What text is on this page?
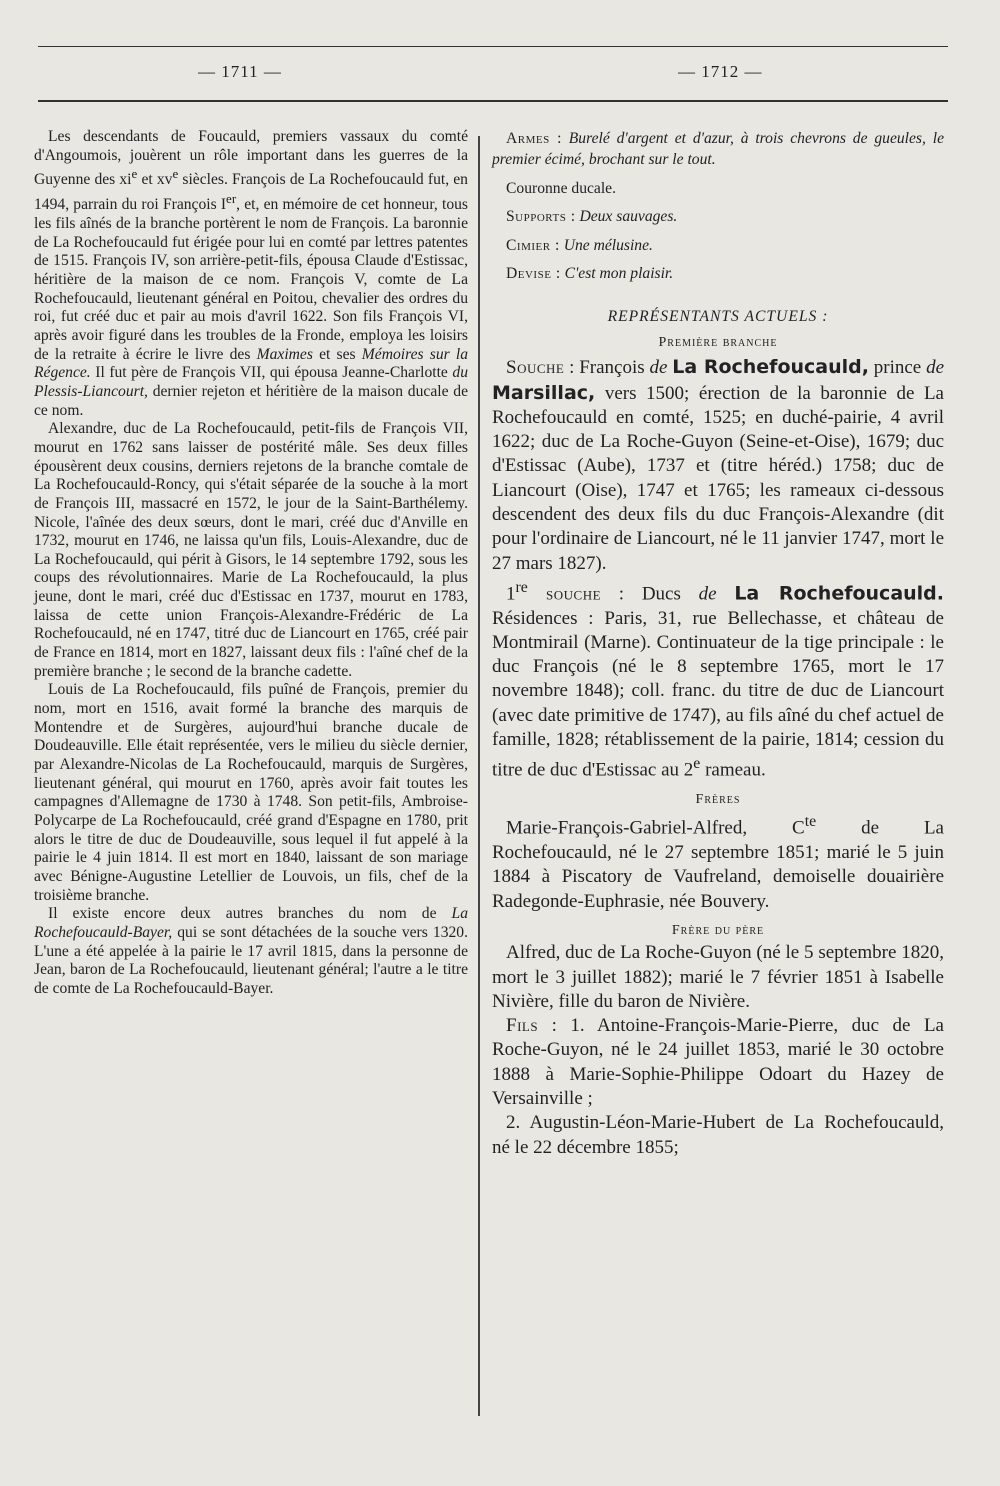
— 1711 —	— 1712 —

Les descendants de Foucauld, premiers vassaux du comté d'Angoumois, jouèrent un rôle important dans les guerres de la Guyenne des $xi^e$ et $xv^e$ siècles. François de La Rochefoucauld fut, en 1494, parrain du roi François Ier, et, en mémoire de cet honneur, tous les fils aînés de la branche portèrent le nom de François. La baronnie de La Rochefoucauld fut érigée pour lui en comté par lettres patentes de 1515. François IV, son arrière-petit-fils, épousa Claude d'Estissac, héritière de la maison de ce nom. François V, comte de La Rochefoucauld, lieutenant général en Poitou, chevalier des ordres du roi, fut créé duc et pair au mois d'avril 1622. Son fils François VI, après avoir figuré dans les troubles de la Fronde, employa les loisirs de la retraite à écrire le livre des Maximes et ses Mémoires sur la Régence. Il fut père de François VII, qui épousa Jeanne-Charlotte du Plessis-Liancourt, dernier rejeton et héritière de la maison ducale de ce nom.

Alexandre, duc de La Rochefoucauld, petit-fils de François VII, mourut en 1762 sans laisser de postérité mâle. Ses deux filles épousèrent deux cousins, derniers rejetons de la branche comtale de La Rochefoucauld-Roncy, qui s'était séparée de la souche à la mort de François III, massacré en 1572, le jour de la Saint-Barthélemy. Nicole, l'aînée des deux sœurs, dont le mari, créé duc d'Anville en 1732, mourut en 1746, ne laissa qu'un fils, Louis-Alexandre, duc de La Rochefoucauld, qui périt à Gisors, le 14 septembre 1792, sous les coups des révolutionnaires. Marie de La Rochefoucauld, la plus jeune, dont le mari, créé duc d'Estissac en 1737, mourut en 1783, laissa de cette union François-Alexandre-Frédéric de La Rochefoucauld, né en 1747, titré duc de Liancourt en 1765, créé pair de France en 1814, mort en 1827, laissant deux fils : l'aîné chef de la première branche ; le second de la branche cadette.

Louis de La Rochefoucauld, fils puîné de François, premier du nom, mort en 1516, avait formé la branche des marquis de Montendre et de Surgères, aujourd'hui branche ducale de Doudeauville. Elle était représentée, vers le milieu du siècle dernier, par Alexandre-Nicolas de La Rochefoucauld, marquis de Surgères, lieutenant général, qui mourut en 1760, après avoir fait toutes les campagnes d'Allemagne de 1730 à 1748. Son petit-fils, Ambroise-Polycarpe de La Rochefoucauld, créé grand d'Espagne en 1780, prit alors le titre de duc de Doudeauville, sous lequel il fut appelé à la pairie le 4 juin 1814. Il est mort en 1840, laissant de son mariage avec Bénigne-Augustine Letellier de Louvois, un fils, chef de la troisième branche.

Il existe encore deux autres branches du nom de La Rochefoucauld-Bayer, qui se sont détachées de la souche vers 1320. L'une a été appelée à la pairie le 17 avril 1815, dans la personne de Jean, baron de La Rochefoucauld, lieutenant général; l'autre a le titre de comte de La Rochefoucauld-Bayer.

Armes : Burelé d'argent et d'azur, à trois chevrons de gueules, le premier écimé, brochant sur le tout.

Couronne ducale.

Supports : Deux sauvages.

Cimier : Une mélusine.

Devise : C'est mon plaisir.

REPRÉSENTANTS ACTUELS :

Première branche

Souche : François de La Rochefoucauld, prince de Marsillac, vers 1500; érection de la baronnie de La Rochefoucauld en comté, 1525; en duché-pairie, 4 avril 1622; duc de La Roche-Guyon (Seine-et-Oise), 1679; duc d'Estissac (Aube), 1737 et (titre héréd.) 1758; duc de Liancourt (Oise), 1747 et 1765; les rameaux ci-dessous descendent des deux fils du duc François-Alexandre (dit pour l'ordinaire de Liancourt, né le 11 janvier 1747, mort le 27 mars 1827).

1re souche : Ducs de La Rochefoucauld. Résidences : Paris, 31, rue Bellechasse, et château de Montmirail (Marne). Continuateur de la tige principale : le duc François (né le 8 septembre 1765, mort le 17 novembre 1848); coll. franc. du titre de duc de Liancourt (avec date primitive de 1747), au fils aîné du chef actuel de famille, 1828; rétablissement de la pairie, 1814; cession du titre de duc d'Estissac au 2e rameau.

Frères

Marie-François-Gabriel-Alfred, $C^{te}$ de La Rochefoucauld, né le 27 septembre 1851; marié le 5 juin 1884 à Piscatory de Vaufreland, demoiselle douairière Radegonde-Euphrasie, née Bouvery.

Frère du père

Alfred, duc de La Roche-Guyon (né le 5 septembre 1820, mort le 3 juillet 1882); marié le 7 février 1851 à Isabelle Nivière, fille du baron de Nivière.

Fils : 1. Antoine-François-Marie-Pierre, duc de La Roche-Guyon, né le 24 juillet 1853, marié le 30 octobre 1888 à Marie-Sophie-Philippe Odoart du Hazey de Versainville ;

2. Augustin-Léon-Marie-Hubert de La Rochefoucauld, né le 22 décembre 1855;
